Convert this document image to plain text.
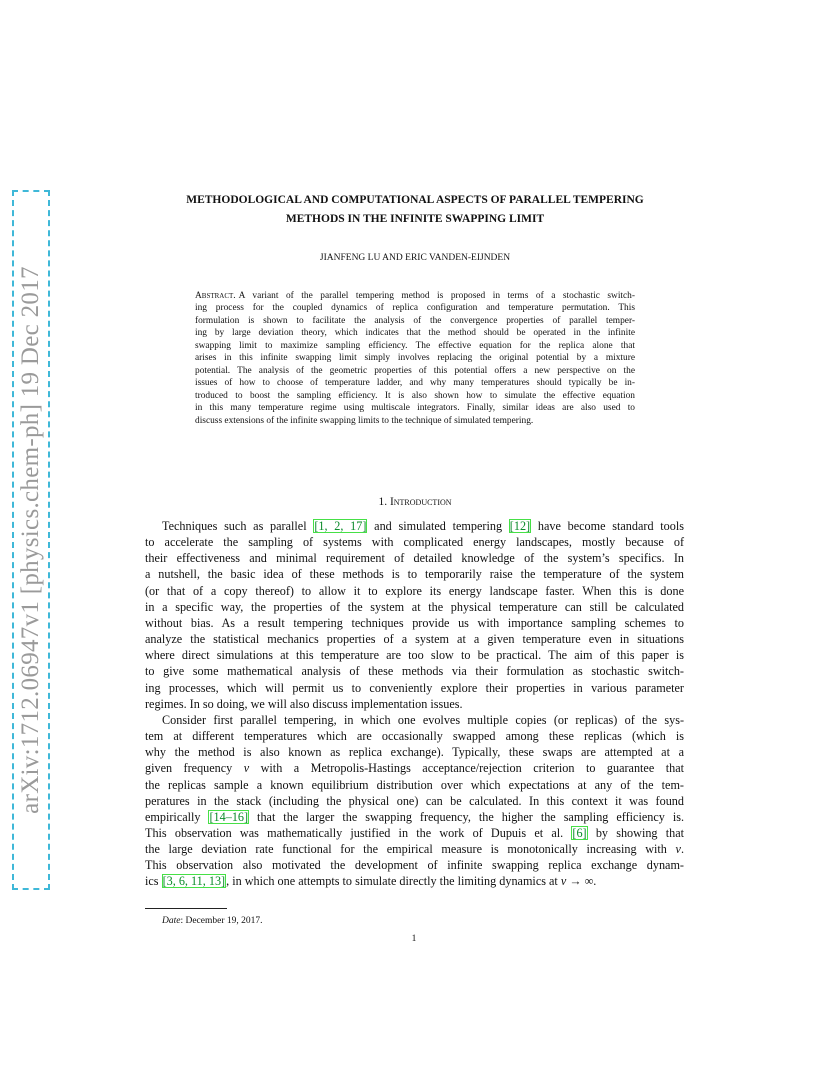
arXiv:1712.06947v1 [physics.chem-ph] 19 Dec 2017
METHODOLOGICAL AND COMPUTATIONAL ASPECTS OF PARALLEL TEMPERING
METHODS IN THE INFINITE SWAPPING LIMIT
JIANFENG LU AND ERIC VANDEN-EIJNDEN
Abstract. A variant of the parallel tempering method is proposed in terms of a stochastic switch-
ing process for the coupled dynamics of replica configuration and temperature permutation. This
formulation is shown to facilitate the analysis of the convergence properties of parallel temper-
ing by large deviation theory, which indicates that the method should be operated in the infinite
swapping limit to maximize sampling efficiency. The effective equation for the replica alone that
arises in this infinite swapping limit simply involves replacing the original potential by a mixture
potential. The analysis of the geometric properties of this potential offers a new perspective on the
issues of how to choose of temperature ladder, and why many temperatures should typically be in-
troduced to boost the sampling efficiency. It is also shown how to simulate the effective equation
in this many temperature regime using multiscale integrators. Finally, similar ideas are also used to
discuss extensions of the infinite swapping limits to the technique of simulated tempering.
1. Introduction
Techniques such as parallel [1, 2, 17] and simulated tempering [12] have become standard tools
to accelerate the sampling of systems with complicated energy landscapes, mostly because of
their effectiveness and minimal requirement of detailed knowledge of the system’s specifics. In
a nutshell, the basic idea of these methods is to temporarily raise the temperature of the system
(or that of a copy thereof) to allow it to explore its energy landscape faster. When this is done
in a specific way, the properties of the system at the physical temperature can still be calculated
without bias. As a result tempering techniques provide us with importance sampling schemes to
analyze the statistical mechanics properties of a system at a given temperature even in situations
where direct simulations at this temperature are too slow to be practical. The aim of this paper is
to give some mathematical analysis of these methods via their formulation as stochastic switch-
ing processes, which will permit us to conveniently explore their properties in various parameter
regimes. In so doing, we will also discuss implementation issues.
Consider first parallel tempering, in which one evolves multiple copies (or replicas) of the sys-
tem at different temperatures which are occasionally swapped among these replicas (which is
why the method is also known as replica exchange). Typically, these swaps are attempted at a
given frequency ν with a Metropolis-Hastings acceptance/rejection criterion to guarantee that
the replicas sample a known equilibrium distribution over which expectations at any of the tem-
peratures in the stack (including the physical one) can be calculated. In this context it was found
empirically [14–16] that the larger the swapping frequency, the higher the sampling efficiency is.
This observation was mathematically justified in the work of Dupuis et al. [6] by showing that
the large deviation rate functional for the empirical measure is monotonically increasing with ν.
This observation also motivated the development of infinite swapping replica exchange dynam-
ics [3, 6, 11, 13], in which one attempts to simulate directly the limiting dynamics at ν → ∞.
Date: December 19, 2017.
1
